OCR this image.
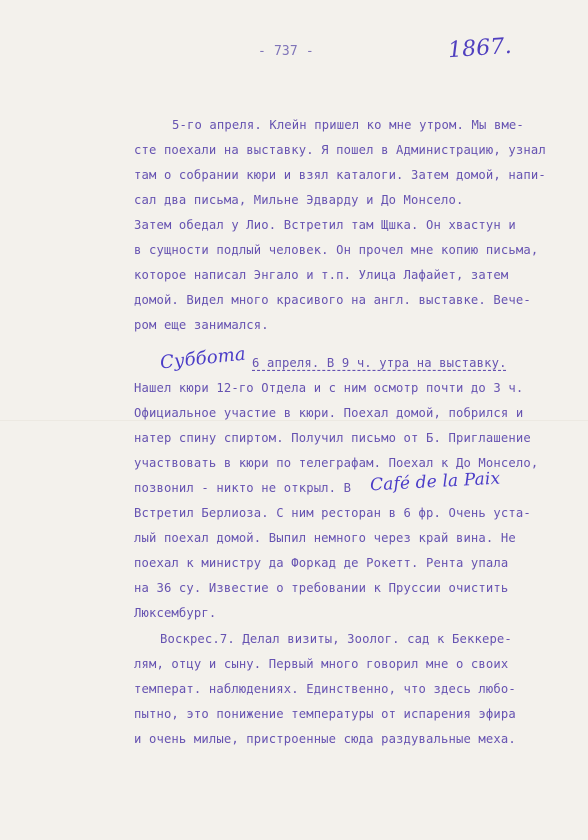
- 737 -	1867.
5-го апреля. Клейн пришел ко мне утром. Мы вме-
сте поехали на выставку. Я пошел в Администрацию, узнал
там о собрании кюри и взял каталоги. Затем домой, напи-
сал два письма, Мильне Эдварду и До Монсело.
Затем обедал у Лио. Встретил там Щшка. Он хвастун и
в сущности подлый человек. Он прочел мне копию письма,
которое написал Энгало и т.п. Улица Лафайет, затем
домой. Видел много красивого на англ. выставке. Вече-
ром еще занимался.
Суббота 6 апреля. В 9 ч. утра на выставку.
Нашел кюри 12-го Отдела и с ним осмотр почти до 3 ч.
Официальное участие в кюри. Поехал домой, побрился и
натер спину спиртом. Получил письмо от Б. Приглашение
участвовать в кюри по телеграфам. Поехал к До Монсело,
позвонил - никто не открыл. В Café de la Paix
Встретил Берлиоза. С ним ресторан в 6 фр. Очень уста-
лый поехал домой. Выпил немного через край вина. Не
поехал к министру да Форкад де Рокетт. Рента упала
на 36 су. Известие о требовании к Пруссии очистить
Люксембург.
Воскрес.7. Делал визиты, Зоолог. сад к Беккере-
лям, отцу и сыну. Первый много говорил мне о своих
температ. наблюдениях. Единственно, что здесь любо-
пытно, это понижение температуры от испарения эфира
и очень милые, пристроенные сюда раздувальные меха.
